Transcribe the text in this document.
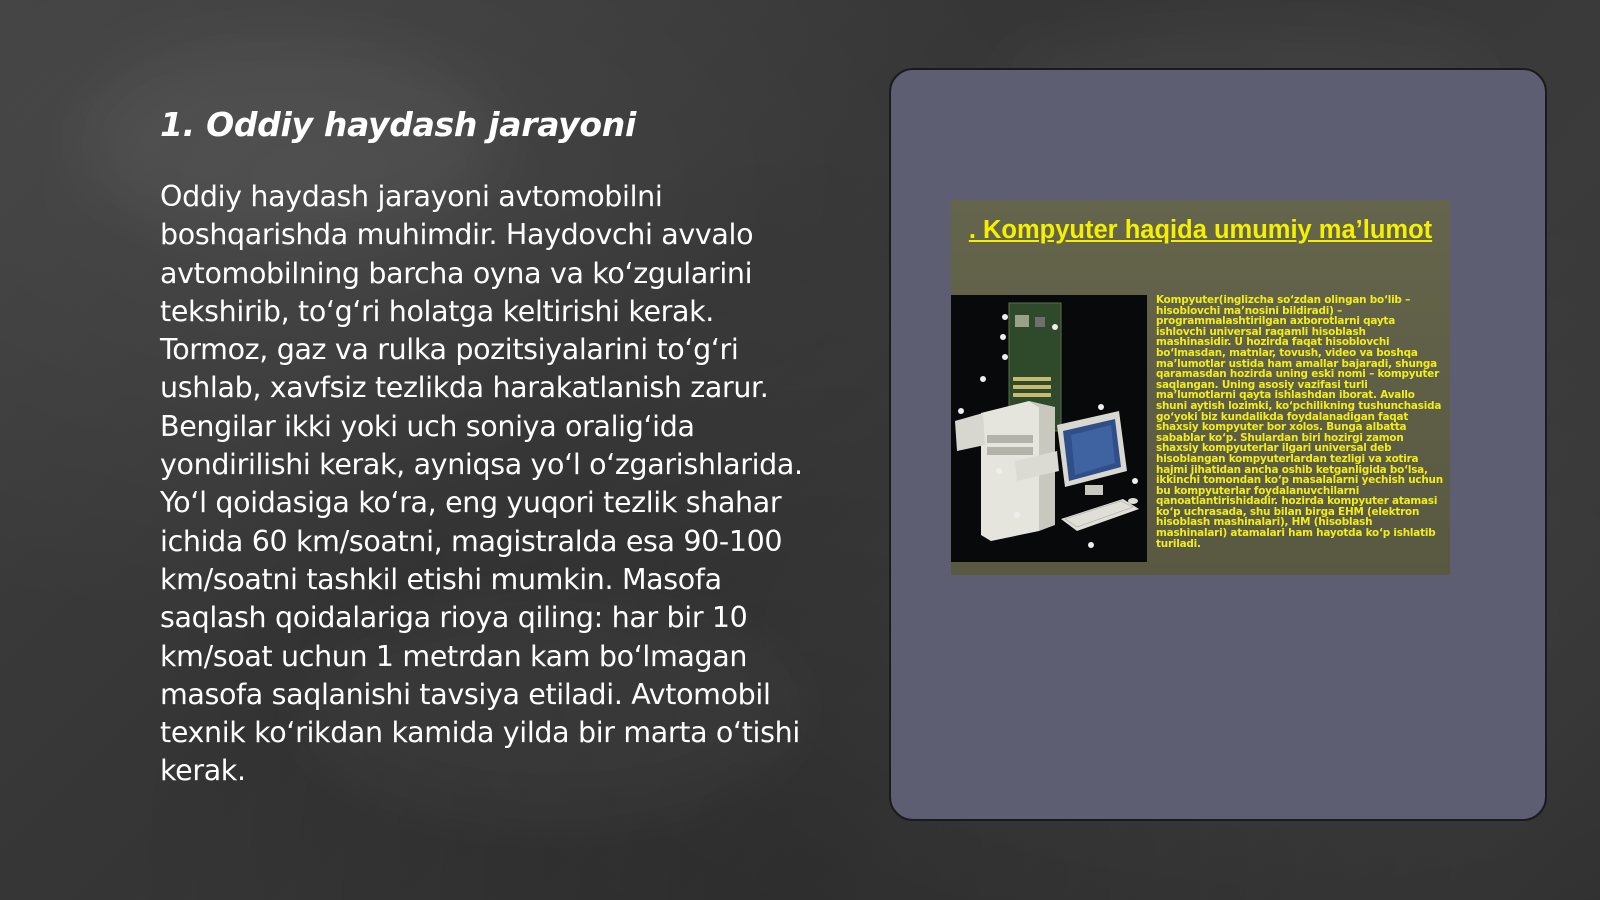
1. Oddiy haydash jarayoni

Oddiy haydash jarayoni avtomobilni boshqarishda muhimdir. Haydovchi avvalo avtomobilning barcha oyna va ko‘zgularini tekshirib, to‘g‘ri holatga keltirishi kerak. Tormoz, gaz va rulka pozitsiyalarini to‘g‘ri ushlab, xavfsiz tezlikda harakatlanish zarur. Bengilar ikki yoki uch soniya oralig‘ida yondirilishi kerak, ayniqsa yo‘l o‘zgarishlarida. Yo‘l qoidasiga ko‘ra, eng yuqori tezlik shahar ichida 60 km/soatni, magistralda esa 90-100 km/soatni tashkil etishi mumkin. Masofa saqlash qoidalariga rioya qiling: har bir 10 km/soat uchun 1 metrdan kam bo‘lmagan masofa saqlanishi tavsiya etiladi. Avtomobil texnik ko‘rikdan kamida yilda bir marta o‘tishi kerak.

. Kompyuter haqida umumiy ma’lumot
Kompyuter(inglizcha so‘zdan olingan bo‘lib – hisoblovchi ma’nosini bildiradi) – programmalashtirilgan axborotlarni qayta ishlovchi universal raqamli hisoblash mashinasidir. U hozirda faqat hisoblovchi bo‘lmasdan, matnlar, tovush, video va boshqa ma’lumotlar ustida ham amallar bajaradi, shunga qaramasdan hozirda uning eski nomi – kompyuter saqlangan. Uning asosiy vazifasi turli ma’lumotlarni qayta ishlashdan iborat. Avallo shuni aytish lozimki, ko‘pchilikning tushunchasida go‘yoki biz kundalikda foydalanadigan faqat shaxsiy kompyuter bor xolos. Bunga albatta sabablar ko‘p. Shulardan biri hozirgi zamon shaxsiy kompyuterlar ilgari universal deb hisoblangan kompyuterlardan tezligi va xotira hajmi jihatidan ancha oshib ketganligida bo‘lsa, ikkinchi tomondan ko‘p masalalarni yechish uchun bu kompyuterlar foydalanuvchilarni qanoatlantirishidadir. hozirda kompyuter atamasi ko‘p uchrasada, shu bilan birga EHM (elektron hisoblash mashinalari), HM (hisoblash mashinalari) atamalari ham hayotda ko‘p ishlatib turiladi.
